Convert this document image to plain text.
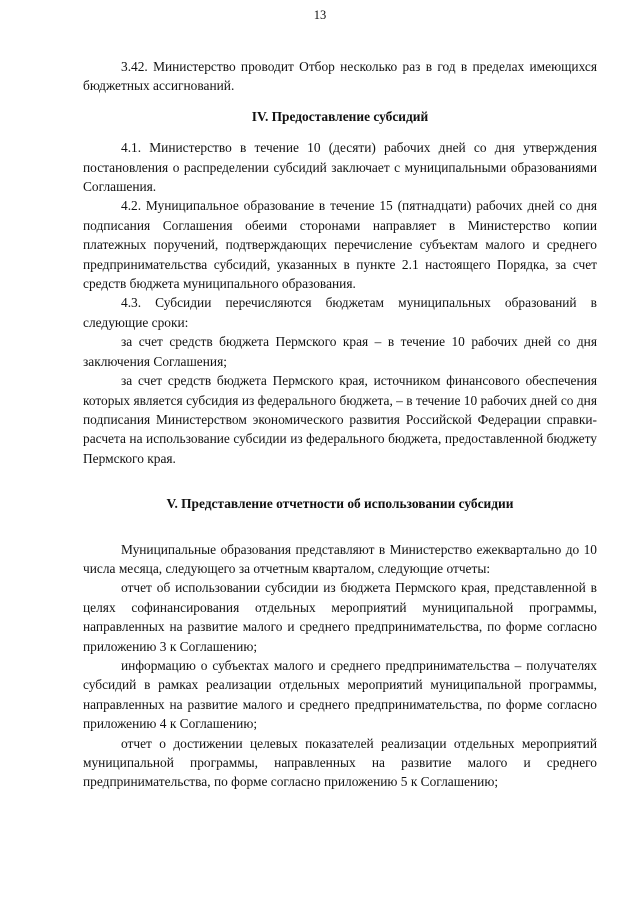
13

3.42. Министерство проводит Отбор несколько раз в год в пределах имеющихся бюджетных ассигнований.

IV. Предоставление субсидий

4.1. Министерство в течение 10 (десяти) рабочих дней со дня утверждения постановления о распределении субсидий заключает с муниципальными образованиями Соглашения.

4.2. Муниципальное образование в течение 15 (пятнадцати) рабочих дней со дня подписания Соглашения обеими сторонами направляет в Министерство копии платежных поручений, подтверждающих перечисление субъектам малого и среднего предпринимательства субсидий, указанных в пункте 2.1 настоящего Порядка, за счет средств бюджета муниципального образования.

4.3. Субсидии перечисляются бюджетам муниципальных образований в следующие сроки:

за счет средств бюджета Пермского края – в течение 10 рабочих дней со дня заключения Соглашения;

за счет средств бюджета Пермского края, источником финансового обеспечения которых является субсидия из федерального бюджета, – в течение 10 рабочих дней со дня подписания Министерством экономического развития Российской Федерации справки-расчета на использование субсидии из федерального бюджета, предоставленной бюджету Пермского края.

V. Представление отчетности об использовании субсидии

Муниципальные образования представляют в Министерство ежеквартально до 10 числа месяца, следующего за отчетным кварталом, следующие отчеты:

отчет об использовании субсидии из бюджета Пермского края, представленной в целях софинансирования отдельных мероприятий муниципальной программы, направленных на развитие малого и среднего предпринимательства, по форме согласно приложению 3 к Соглашению;

информацию о субъектах малого и среднего предпринимательства – получателях субсидий в рамках реализации отдельных мероприятий муниципальной программы, направленных на развитие малого и среднего предпринимательства, по форме согласно приложению 4 к Соглашению;

отчет о достижении целевых показателей реализации отдельных мероприятий муниципальной программы, направленных на развитие малого и среднего предпринимательства, по форме согласно приложению 5 к Соглашению;
